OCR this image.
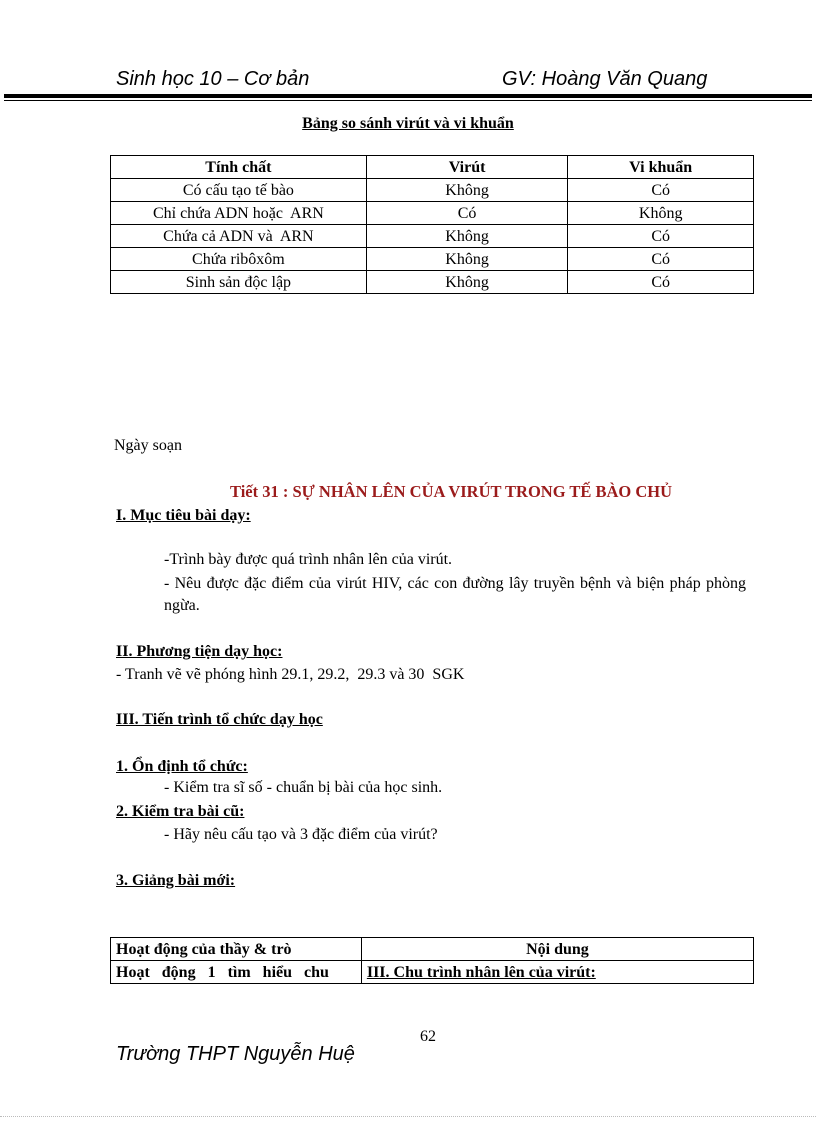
Sinh học 10 – Cơ bản	GV: Hoàng Văn Quang
Bảng so sánh virút và vi khuẩn
Tính chất	Virút	Vi khuẩn
Có cấu tạo tế bào	Không	Có
Chỉ chứa ADN hoặc  ARN	Có	Không
Chứa cả ADN và  ARN	Không	Có
Chứa ribôxôm	Không	Có
Sinh sản độc lập	Không	Có
Ngày soạn
Tiết 31 : SỰ NHÂN LÊN CỦA VIRÚT TRONG TẾ BÀO CHỦ
I. Mục tiêu bài dạy:
-Trình bày được quá trình nhân lên của virút.
- Nêu được đặc điểm của virút HIV, các con đường lây truyền bệnh và biện pháp phòng ngừa.
II. Phương tiện dạy học:
- Tranh vẽ vẽ phóng hình 29.1, 29.2,  29.3 và 30  SGK
III. Tiến trình tổ chức dạy học
1. Ổn định tổ chức:
- Kiểm tra sĩ số - chuẩn bị bài của học sinh.
2. Kiểm tra bài cũ:
- Hãy nêu cấu tạo và 3 đặc điểm của virút?
3. Giảng bài mới:
Hoạt động của thầy & trò	Nội dung
Hoạt   động   1   tìm   hiểu   chu	III. Chu trình nhân lên của virút:
62
Trường THPT Nguyễn Huệ
